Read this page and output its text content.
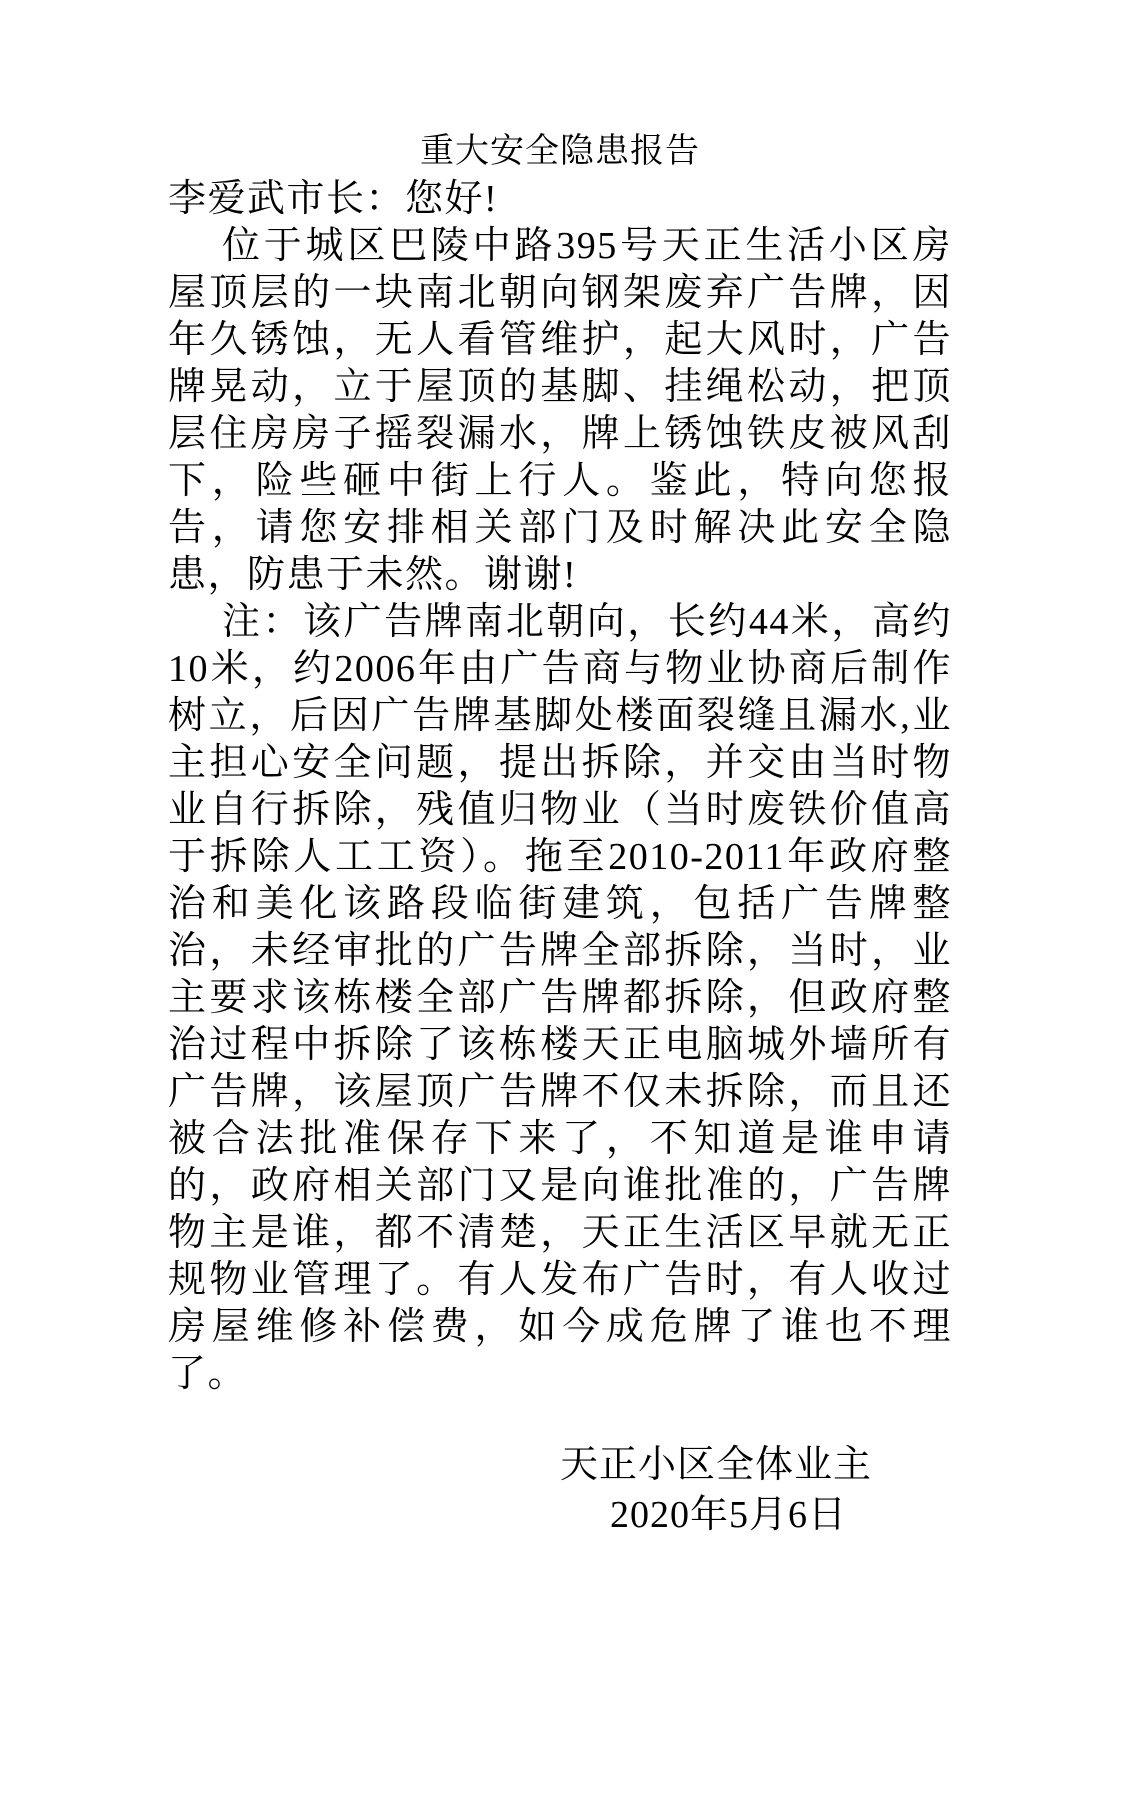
重大安全隐患报告
李爱武市长：您好!
位于城区巴陵中路395号天正生活小区房
屋顶层的一块南北朝向钢架废弃广告牌，因
年久锈蚀，无人看管维护，起大风时，广告
牌晃动，立于屋顶的基脚、挂绳松动，把顶
层住房房子摇裂漏水，牌上锈蚀铁皮被风刮
下，险些砸中街上行人。鉴此，特向您报
告，请您安排相关部门及时解决此安全隐
患，防患于未然。谢谢!
注：该广告牌南北朝向，长约44米，高约
10米，约2006年由广告商与物业协商后制作
树立，后因广告牌基脚处楼面裂缝且漏水,业
主担心安全问题，提出拆除，并交由当时物
业自行拆除，残值归物业（当时废铁价值高
于拆除人工工资）。拖至2010-2011年政府整
治和美化该路段临街建筑，包括广告牌整
治，未经审批的广告牌全部拆除，当时，业
主要求该栋楼全部广告牌都拆除，但政府整
治过程中拆除了该栋楼天正电脑城外墙所有
广告牌，该屋顶广告牌不仅未拆除，而且还
被合法批准保存下来了，不知道是谁申请
的，政府相关部门又是向谁批准的，广告牌
物主是谁，都不清楚，天正生活区早就无正
规物业管理了。有人发布广告时，有人收过
房屋维修补偿费，如今成危牌了谁也不理
了。
天正小区全体业主
2020年5月6日
